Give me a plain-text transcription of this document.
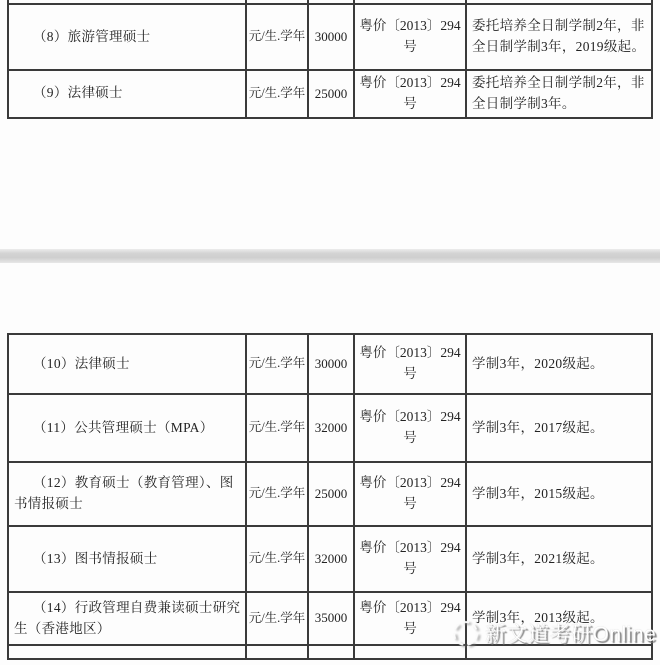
（8）旅游管理硕士	元/生.学年	30000	粤价〔2013〕294号	委托培养全日制学制2年，非全日制学制3年，2019级起。
（9）法律硕士	元/生.学年	25000	粤价〔2013〕294号	委托培养全日制学制2年，非全日制学制3年。
（10）法律硕士	元/生.学年	30000	粤价〔2013〕294号	学制3年，2020级起。
（11）公共管理硕士（MPA）	元/生.学年	32000	粤价〔2013〕294号	学制3年，2017级起。
（12）教育硕士（教育管理）、图书情报硕士	元/生.学年	25000	粤价〔2013〕294号	学制3年，2015级起。
（13）图书情报硕士	元/生.学年	32000	粤价〔2013〕294号	学制3年，2021级起。
（14）行政管理自费兼读硕士研究生（香港地区）	元/生.学年	35000	粤价〔2013〕294号	学制3年，2013级起。

新文道考研Online
